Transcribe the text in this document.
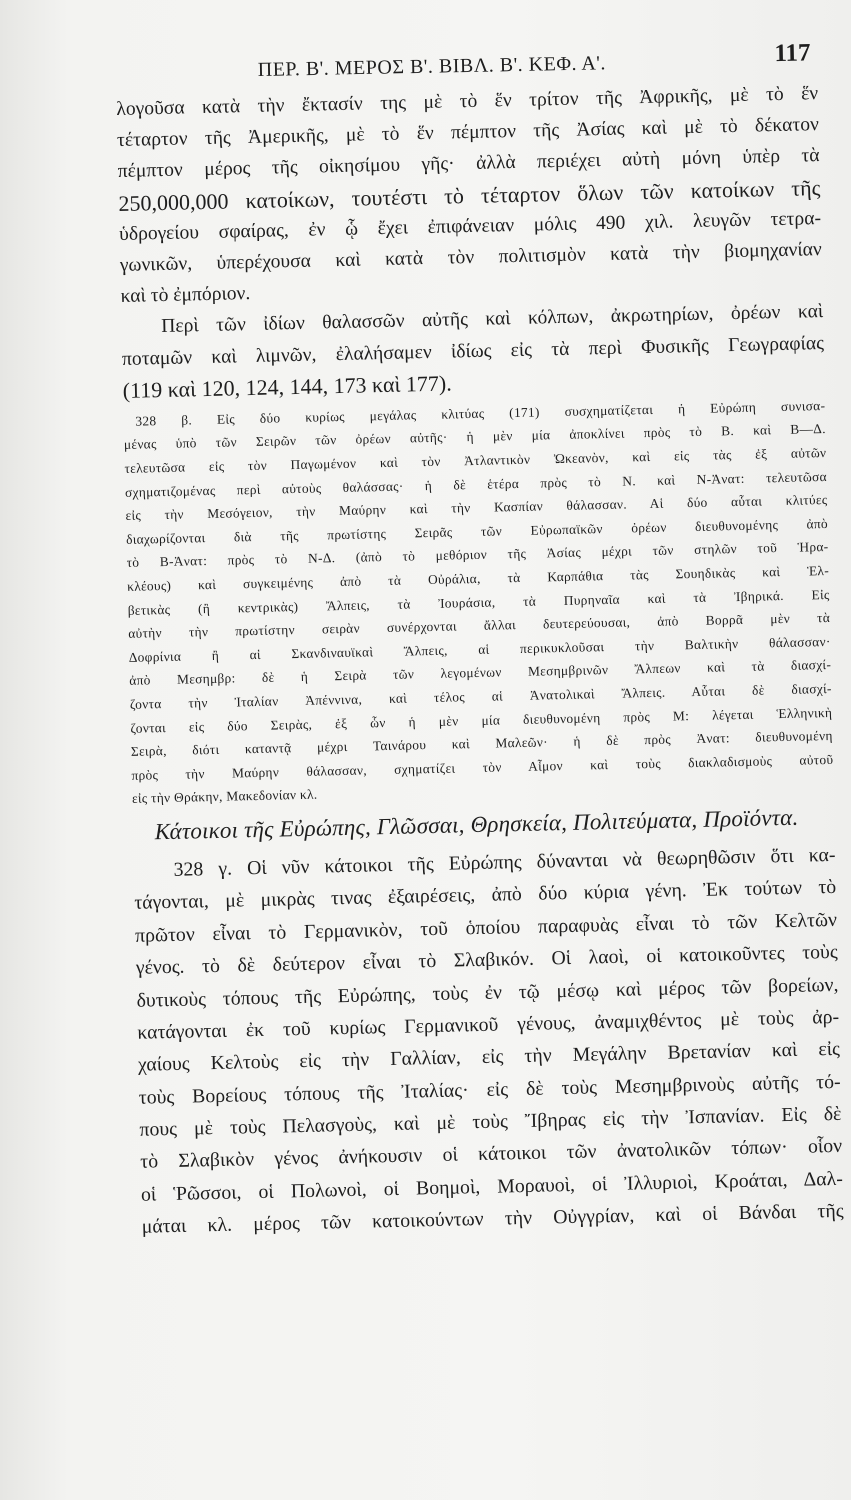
ΠΕΡ. Β'. ΜΕΡΟΣ Β'. ΒΙΒΛ. Β'. ΚΕΦ. Α'.	117
λογοῦσα κατὰ τὴν ἔκτασίν της μὲ τὸ ἕν τρίτον τῆς Ἀφρικῆς, μὲ τὸ ἕν
τέταρτον τῆς Ἀμερικῆς, μὲ τὸ ἕν πέμπτον τῆς Ἀσίας καὶ μὲ τὸ δέκατον
πέμπτον μέρος τῆς οἰκησίμου γῆς· ἀλλὰ περιέχει αὐτὴ μόνη ὑπὲρ τὰ
250,000,000 κατοίκων, τουτέστι τὸ τέταρτον ὅλων τῶν κατοίκων τῆς
ὑδρογείου σφαίρας, ἐν ᾧ ἔχει ἐπιφάνειαν μόλις 490 χιλ. λευγῶν τετρα-
γωνικῶν, ὑπερέχουσα καὶ κατὰ τὸν πολιτισμὸν κατὰ τὴν βιομηχανίαν
καὶ τὸ ἐμπόριον.
Περὶ τῶν ἰδίων θαλασσῶν αὐτῆς καὶ κόλπων, ἀκρωτηρίων, ὀρέων καὶ
ποταμῶν καὶ λιμνῶν, ἐλαλήσαμεν ἰδίως εἰς τὰ περὶ Φυσικῆς Γεωγραφίας
(119 καὶ 120, 124, 144, 173 καὶ 177).
328 β. Εἰς δύο κυρίως μεγάλας κλιτύας (171) συσχηματίζεται ἡ Εὐρώπη συνισα-
μένας ὑπὸ τῶν Σειρῶν τῶν ὀρέων αὐτῆς· ἡ μὲν μία ἀποκλίνει πρὸς τὸ Β. καὶ Β—Δ.
τελευτῶσα εἰς τὸν Παγωμένον καὶ τὸν Ἀτλαντικὸν Ὠκεανὸν, καὶ εἰς τὰς ἐξ αὐτῶν
σχηματιζομένας περὶ αὐτοὺς θαλάσσας· ἡ δὲ ἑτέρα πρὸς τὸ Ν. καὶ Ν-Ἀνατ: τελευτῶσα
εἰς τὴν Μεσόγειον, τὴν Μαύρην καὶ τὴν Κασπίαν θάλασσαν. Αἱ δύο αὗται κλιτύες
διαχωρίζονται διὰ τῆς πρωτίστης Σειρᾶς τῶν Εὐρωπαϊκῶν ὀρέων διευθυνομένης ἀπὸ
τὸ Β-Ἀνατ: πρὸς τὸ Ν-Δ. (ἀπὸ τὸ μεθόριον τῆς Ἀσίας μέχρι τῶν στηλῶν τοῦ Ἡρα-
κλέους) καὶ συγκειμένης ἀπὸ τὰ Οὐράλια, τὰ Καρπάθια τὰς Σουηδικὰς καὶ Ἑλ-
βετικὰς (ἢ κεντρικὰς) Ἄλπεις, τὰ Ἰουράσια, τὰ Πυρηναῖα καὶ τὰ Ἰβηρικά. Εἰς
αὐτὴν τὴν πρωτίστην σειρὰν συνέρχονται ἄλλαι δευτερεύουσαι, ἀπὸ Βορρᾶ μὲν τὰ
Δοφρίνια ἢ αἱ Σκανδιναυϊκαὶ Ἄλπεις, αἱ περικυκλοῦσαι τὴν Βαλτικὴν θάλασσαν·
ἀπὸ Μεσημβρ: δὲ ἡ Σειρὰ τῶν λεγομένων Μεσημβρινῶν Ἄλπεων καὶ τὰ διασχί-
ζοντα τὴν Ἰταλίαν Ἀπέννινα, καὶ τέλος αἱ Ἀνατολικαὶ Ἄλπεις. Αὗται δὲ διασχί-
ζονται εἰς δύο Σειρὰς, ἐξ ὧν ἡ μὲν μία διευθυνομένη πρὸς Μ: λέγεται Ἑλληνικὴ
Σειρὰ, διότι καταντᾷ μέχρι Ταινάρου καὶ Μαλεῶν· ἡ δὲ πρὸς Ἀνατ: διευθυνομένη
πρὸς τὴν Μαύρην θάλασσαν, σχηματίζει τὸν Αἷμον καὶ τοὺς διακλαδισμοὺς αὐτοῦ
εἰς τὴν Θράκην, Μακεδονίαν κλ.
Κάτοικοι τῆς Εὐρώπης, Γλῶσσαι, Θρησκεία, Πολιτεύματα, Προϊόντα.
328 γ. Οἱ νῦν κάτοικοι τῆς Εὐρώπης δύνανται νὰ θεωρηθῶσιν ὅτι κα-
τάγονται, μὲ μικρὰς τινας ἐξαιρέσεις, ἀπὸ δύο κύρια γένη. Ἐκ τούτων τὸ
πρῶτον εἶναι τὸ Γερμανικὸν, τοῦ ὁποίου παραφυὰς εἶναι τὸ τῶν Κελτῶν
γένος. τὸ δὲ δεύτερον εἶναι τὸ Σλαβικόν. Οἱ λαοὶ, οἱ κατοικοῦντες τοὺς
δυτικοὺς τόπους τῆς Εὐρώπης, τοὺς ἐν τῷ μέσῳ καὶ μέρος τῶν βορείων,
κατάγονται ἐκ τοῦ κυρίως Γερμανικοῦ γένους, ἀναμιχθέντος μὲ τοὺς ἀρ-
χαίους Κελτοὺς εἰς τὴν Γαλλίαν, εἰς τὴν Μεγάλην Βρετανίαν καὶ εἰς
τοὺς Βορείους τόπους τῆς Ἰταλίας· εἰς δὲ τοὺς Μεσημβρινοὺς αὐτῆς τό-
πους μὲ τοὺς Πελασγοὺς, καὶ μὲ τοὺς Ἴβηρας εἰς τὴν Ἰσπανίαν. Εἰς δὲ
τὸ Σλαβικὸν γένος ἀνήκουσιν οἱ κάτοικοι τῶν ἀνατολικῶν τόπων· οἷον
οἱ Ῥῶσσοι, οἱ Πολωνοὶ, οἱ Βοημοὶ, Μοραυοὶ, οἱ Ἰλλυριοὶ, Κροάται, Δαλ-
μάται κλ. μέρος τῶν κατοικούντων τὴν Οὐγγρίαν, καὶ οἱ Βάνδαι τῆς
